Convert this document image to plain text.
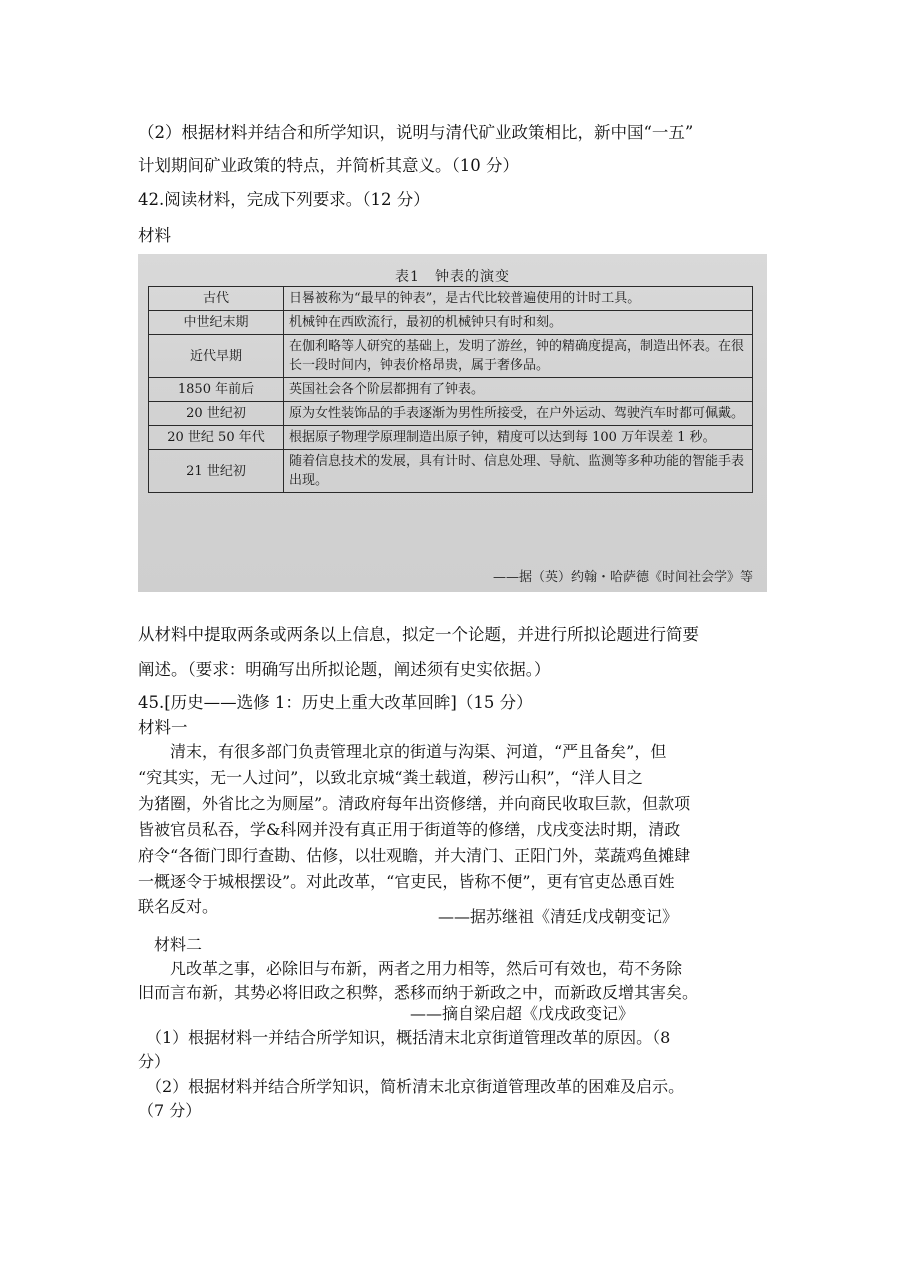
（2）根据材料并结合和所学知识，说明与清代矿业政策相比，新中国“一五”
计划期间矿业政策的特点，并简析其意义。（10 分）
42.阅读材料，完成下列要求。（12 分）
材料
表1　钟表的演变
古代	日晷被称为“最早的钟表”，是古代比较普遍使用的计时工具。
中世纪末期	机械钟在西欧流行，最初的机械钟只有时和刻。
近代早期	在伽利略等人研究的基础上，发明了游丝，钟的精确度提高，制造出怀表。在很长一段时间内，钟表价格昂贵，属于奢侈品。
1850 年前后	英国社会各个阶层都拥有了钟表。
20 世纪初	原为女性装饰品的手表逐渐为男性所接受，在户外运动、驾驶汽车时都可佩戴。
20 世纪 50 年代	根据原子物理学原理制造出原子钟，精度可以达到每 100 万年误差 1 秒。
21 世纪初	随着信息技术的发展，具有计时、信息处理、导航、监测等多种功能的智能手表出现。
——据（英）约翰・哈萨德《时间社会学》等
从材料中提取两条或两条以上信息，拟定一个论题，并进行所拟论题进行简要
阐述。（要求：明确写出所拟论题，阐述须有史实依据。）
45.[历史——选修 1：历史上重大改革回眸]（15 分）
材料一
　　清末，有很多部门负责管理北京的街道与沟渠、河道，“严且备矣”，但
“究其实，无一人过问”，以致北京城“粪土载道，秽污山积”，“洋人目之
为猪圈，外省比之为厕屋”。清政府每年出资修缮，并向商民收取巨款，但款项
皆被官员私吞，学&科网并没有真正用于街道等的修缮，戊戌变法时期，清政
府令“各衙门即行查勘、估修，以壮观瞻，并大清门、正阳门外，菜蔬鸡鱼摊肆
一概逐令于城根摆设”。对此改革，“官吏民，皆称不便”，更有官吏怂恿百姓
联名反对。
——据苏继祖《清廷戊戌朝变记》
　材料二
　　凡改革之事，必除旧与布新，两者之用力相等，然后可有效也，苟不务除
旧而言布新，其势必将旧政之积弊，悉移而纳于新政之中，而新政反增其害矣。
——摘自梁启超《戊戌政变记》
　（1）根据材料一并结合所学知识，概括清末北京街道管理改革的原因。（8
分）
　（2）根据材料并结合所学知识，简析清末北京街道管理改革的困难及启示。
（7 分）
